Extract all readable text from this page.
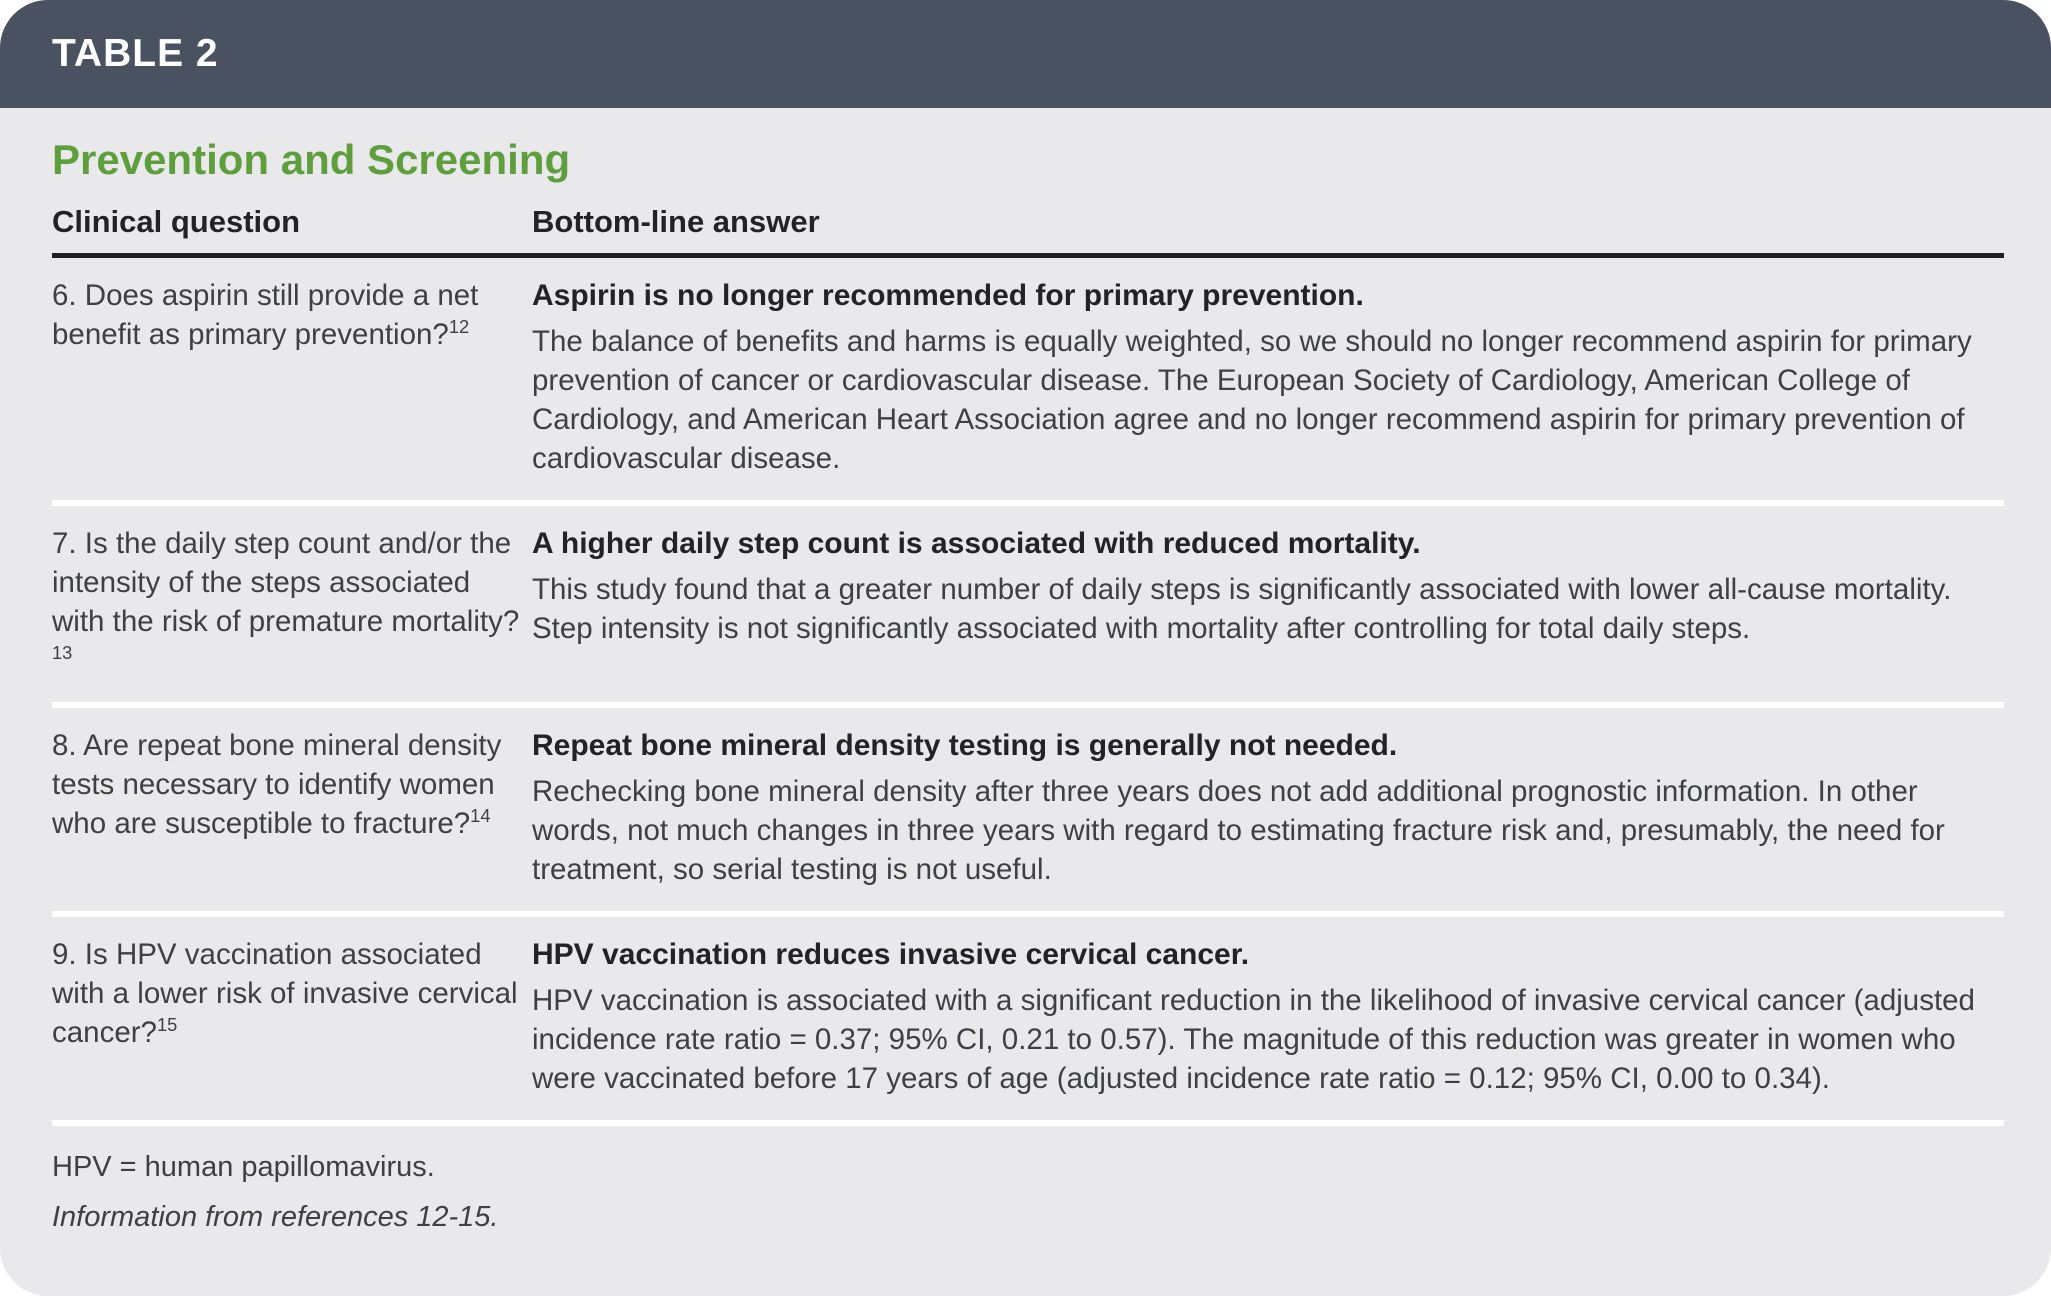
TABLE 2
Prevention and Screening
Clinical question	Bottom-line answer

6. Does aspirin still provide a net benefit as primary prevention?$^{12}$

Aspirin is no longer recommended for primary prevention.

The balance of benefits and harms is equally weighted, so we should no longer recommend aspirin for primary prevention of cancer or cardiovascular disease. The European Society of Cardiology, American College of Cardiology, and American Heart Association agree and no longer recommend aspirin for primary prevention of cardiovascular disease.

7. Is the daily step count and/or the intensity of the steps associated with the risk of premature mortality?$^{13}$

A higher daily step count is associated with reduced mortality.

This study found that a greater number of daily steps is significantly associated with lower all-cause mortality. Step intensity is not significantly associated with mortality after controlling for total daily steps.

8. Are repeat bone mineral density tests necessary to identify women who are susceptible to fracture?$^{14}$

Repeat bone mineral density testing is generally not needed.

Rechecking bone mineral density after three years does not add additional prognostic information. In other words, not much changes in three years with regard to estimating fracture risk and, presumably, the need for treatment, so serial testing is not useful.

9. Is HPV vaccination associated with a lower risk of invasive cervical cancer?$^{15}$

HPV vaccination reduces invasive cervical cancer.

HPV vaccination is associated with a significant reduction in the likelihood of invasive cervical cancer (adjusted incidence rate ratio = 0.37; 95% CI, 0.21 to 0.57). The magnitude of this reduction was greater in women who were vaccinated before 17 years of age (adjusted incidence rate ratio = 0.12; 95% CI, 0.00 to 0.34).

HPV = human papillomavirus.

Information from references 12-15.
